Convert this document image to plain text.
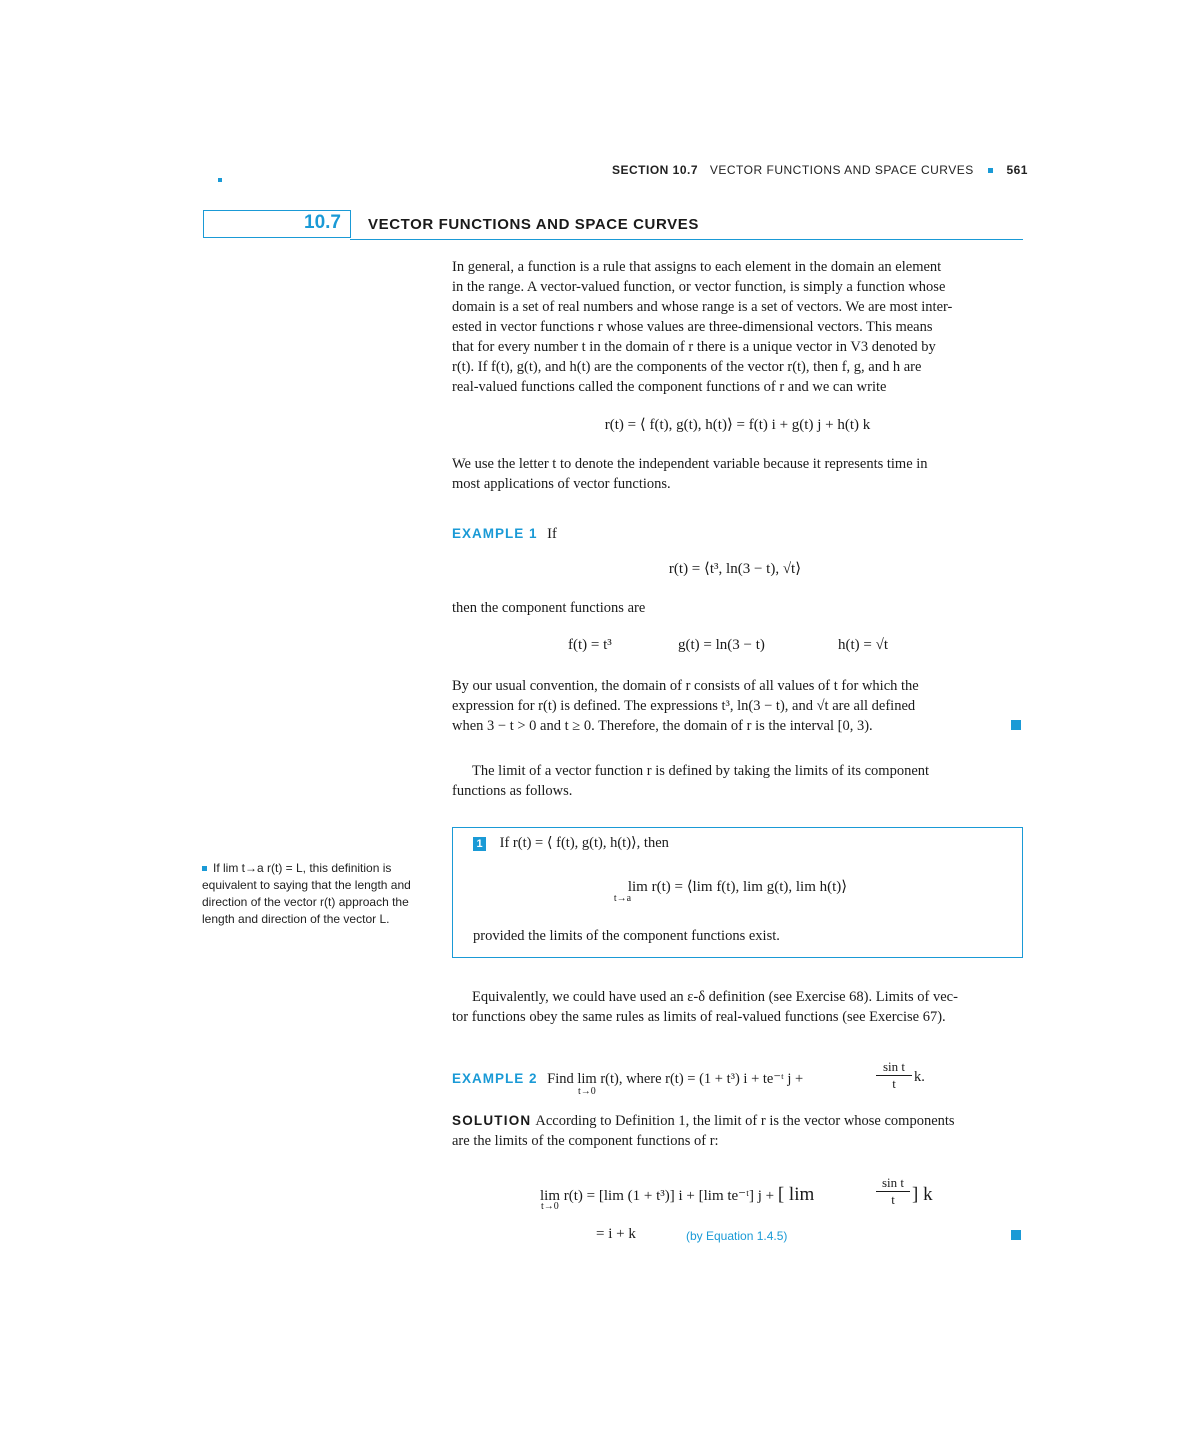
SECTION 10.7 VECTOR FUNCTIONS AND SPACE CURVES	561
10.7 VECTOR FUNCTIONS AND SPACE CURVES
In general, a function is a rule that assigns to each element in the domain an element
in the range. A vector-valued function, or vector function, is simply a function whose
domain is a set of real numbers and whose range is a set of vectors. We are most inter-
ested in vector functions r whose values are three-dimensional vectors. This means
that for every number t in the domain of r there is a unique vector in V3 denoted by
r(t). If f(t), g(t), and h(t) are the components of the vector r(t), then f, g, and h are
real-valued functions called the component functions of r and we can write
r(t) = ⟨ f(t), g(t), h(t)⟩ = f(t) i + g(t) j + h(t) k
We use the letter t to denote the independent variable because it represents time in
most applications of vector functions.
EXAMPLE 1 If
r(t) = ⟨t³, ln(3 − t), √t⟩
then the component functions are
f(t) = t³	g(t) = ln(3 − t)	h(t) = √t
By our usual convention, the domain of r consists of all values of t for which the
expression for r(t) is defined. The expressions t³, ln(3 − t), and √t are all defined
when 3 − t > 0 and t ≥ 0. Therefore, the domain of r is the interval [0, 3).
The limit of a vector function r is defined by taking the limits of its component
functions as follows.
If lim t→a r(t) = L, this definition is
equivalent to saying that the length and
direction of the vector r(t) approach the
length and direction of the vector L.
1 If r(t) = ⟨ f(t), g(t), h(t)⟩, then
lim r(t) = ⟨lim f(t), lim g(t), lim h(t)⟩
t→a
provided the limits of the component functions exist.
Equivalently, we could have used an ε-δ definition (see Exercise 68). Limits of vec-
tor functions obey the same rules as limits of real-valued functions (see Exercise 67).
EXAMPLE 2 Find lim r(t), where r(t) = (1 + t³) i + te⁻ᵗ j +	$\frac{\text{sin t}}{t} k$.
t→0
SOLUTION According to Definition 1, the limit of r is the vector whose components
are the limits of the component functions of r:
lim r(t) = [lim (1 + t³)] i + [lim te⁻ᵗ] j + [ lim	$\frac{\text{sin t}}{t}$ ] k
t→0
= i + k	(by Equation 1.4.5)
